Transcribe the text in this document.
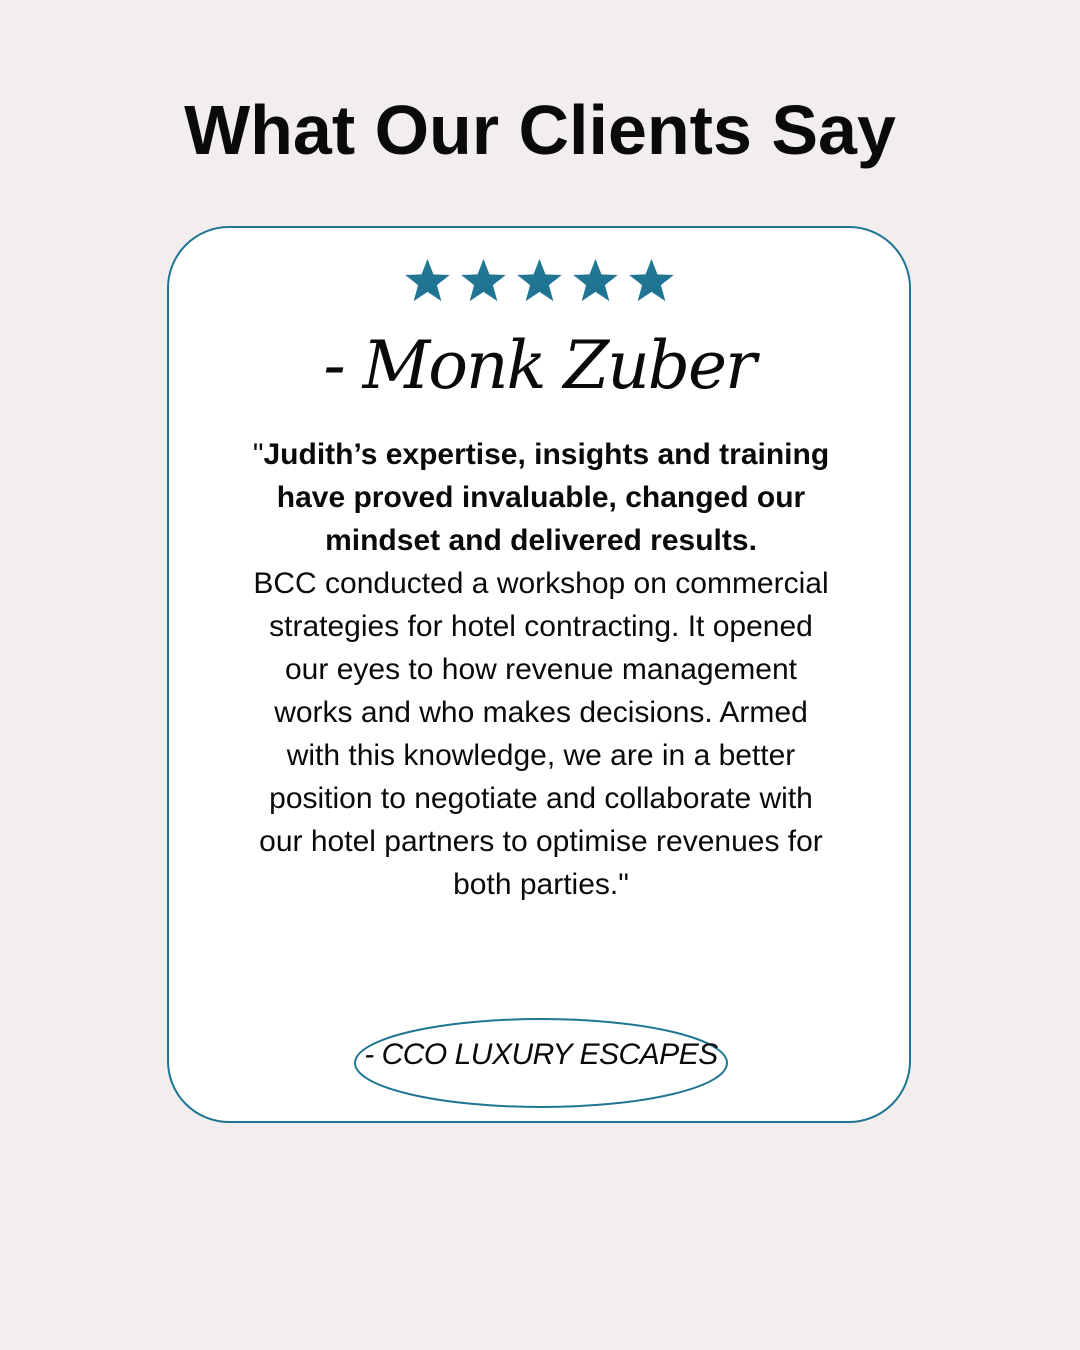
What Our Clients Say
- Monk Zuber
"Judith’s expertise, insights and training have proved invaluable, changed our mindset and delivered results.
BCC conducted a workshop on commercial strategies for hotel contracting. It opened our eyes to how revenue management works and who makes decisions. Armed with this knowledge, we are in a better position to negotiate and collaborate with our hotel partners to optimise revenues for both parties."
- CCO LUXURY ESCAPES
